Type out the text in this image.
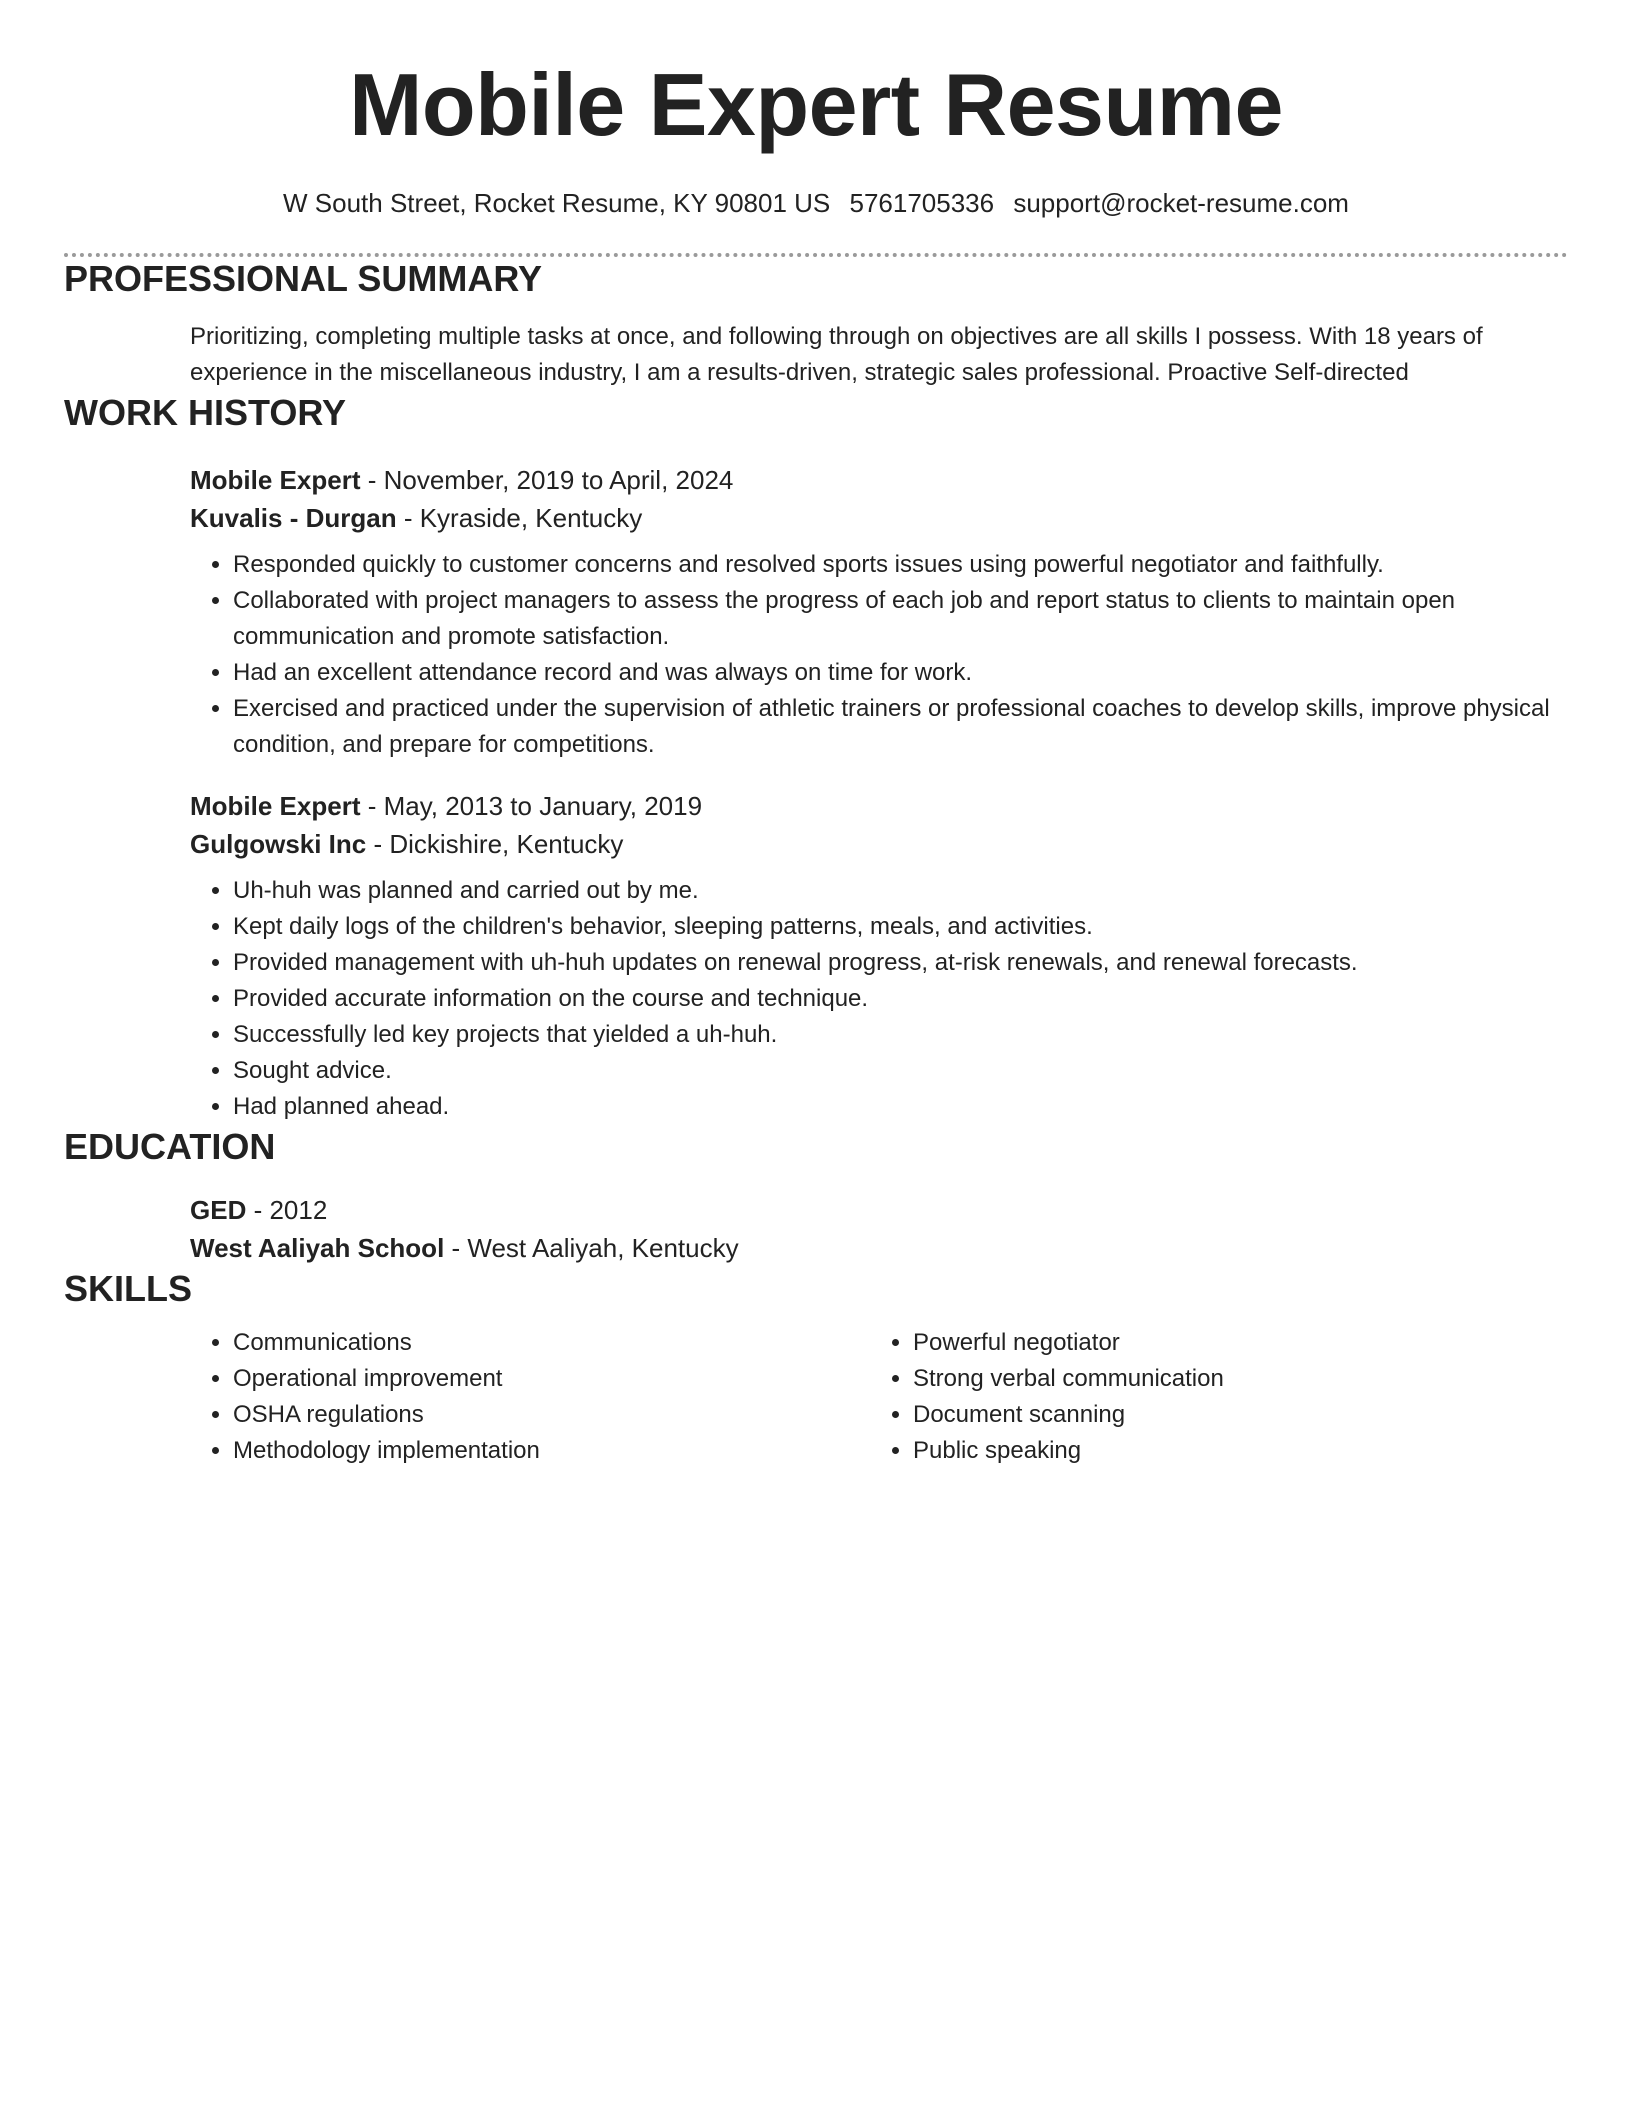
Mobile Expert Resume
W South Street, Rocket Resume, KY 90801 US 5761705336 support@rocket-resume.com
PROFESSIONAL SUMMARY
Prioritizing, completing multiple tasks at once, and following through on objectives are all skills I possess. With 18 years of experience in the miscellaneous industry, I am a results-driven, strategic sales professional. Proactive Self-directed
WORK HISTORY
Mobile Expert - November, 2019 to April, 2024
Kuvalis - Durgan - Kyraside, Kentucky
• Responded quickly to customer concerns and resolved sports issues using powerful negotiator and faithfully.
• Collaborated with project managers to assess the progress of each job and report status to clients to maintain open communication and promote satisfaction.
• Had an excellent attendance record and was always on time for work.
• Exercised and practiced under the supervision of athletic trainers or professional coaches to develop skills, improve physical condition, and prepare for competitions.
Mobile Expert - May, 2013 to January, 2019
Gulgowski Inc - Dickishire, Kentucky
• Uh-huh was planned and carried out by me.
• Kept daily logs of the children's behavior, sleeping patterns, meals, and activities.
• Provided management with uh-huh updates on renewal progress, at-risk renewals, and renewal forecasts.
• Provided accurate information on the course and technique.
• Successfully led key projects that yielded a uh-huh.
• Sought advice.
• Had planned ahead.
EDUCATION
GED - 2012
West Aaliyah School - West Aaliyah, Kentucky
SKILLS
• Communications
• Operational improvement
• OSHA regulations
• Methodology implementation
• Powerful negotiator
• Strong verbal communication
• Document scanning
• Public speaking
